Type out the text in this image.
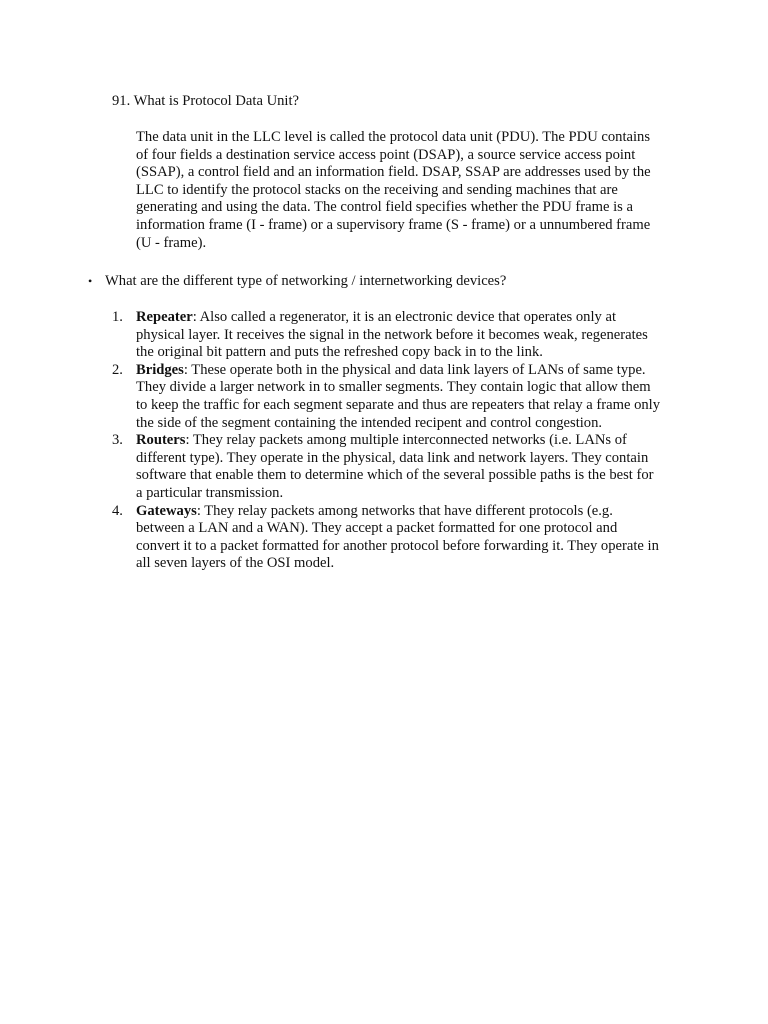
91. What is Protocol Data Unit?
The data unit in the LLC level is called the protocol data unit (PDU). The PDU contains
of four fields a destination service access point (DSAP), a source service access point
(SSAP), a control field and an information field. DSAP, SSAP are addresses used by the
LLC to identify the protocol stacks on the receiving and sending machines that are
generating and using the data. The control field specifies whether the PDU frame is a
information frame (I - frame) or a supervisory frame (S - frame) or a unnumbered frame
(U - frame).
• What are the different type of networking / internetworking devices?
1. Repeater: Also called a regenerator, it is an electronic device that operates only at
physical layer. It receives the signal in the network before it becomes weak, regenerates
the original bit pattern and puts the refreshed copy back in to the link.
2. Bridges: These operate both in the physical and data link layers of LANs of same type.
They divide a larger network in to smaller segments. They contain logic that allow them
to keep the traffic for each segment separate and thus are repeaters that relay a frame only
the side of the segment containing the intended recipent and control congestion.
3. Routers: They relay packets among multiple interconnected networks (i.e. LANs of
different type). They operate in the physical, data link and network layers. They contain
software that enable them to determine which of the several possible paths is the best for
a particular transmission.
4. Gateways: They relay packets among networks that have different protocols (e.g.
between a LAN and a WAN). They accept a packet formatted for one protocol and
convert it to a packet formatted for another protocol before forwarding it. They operate in
all seven layers of the OSI model.
